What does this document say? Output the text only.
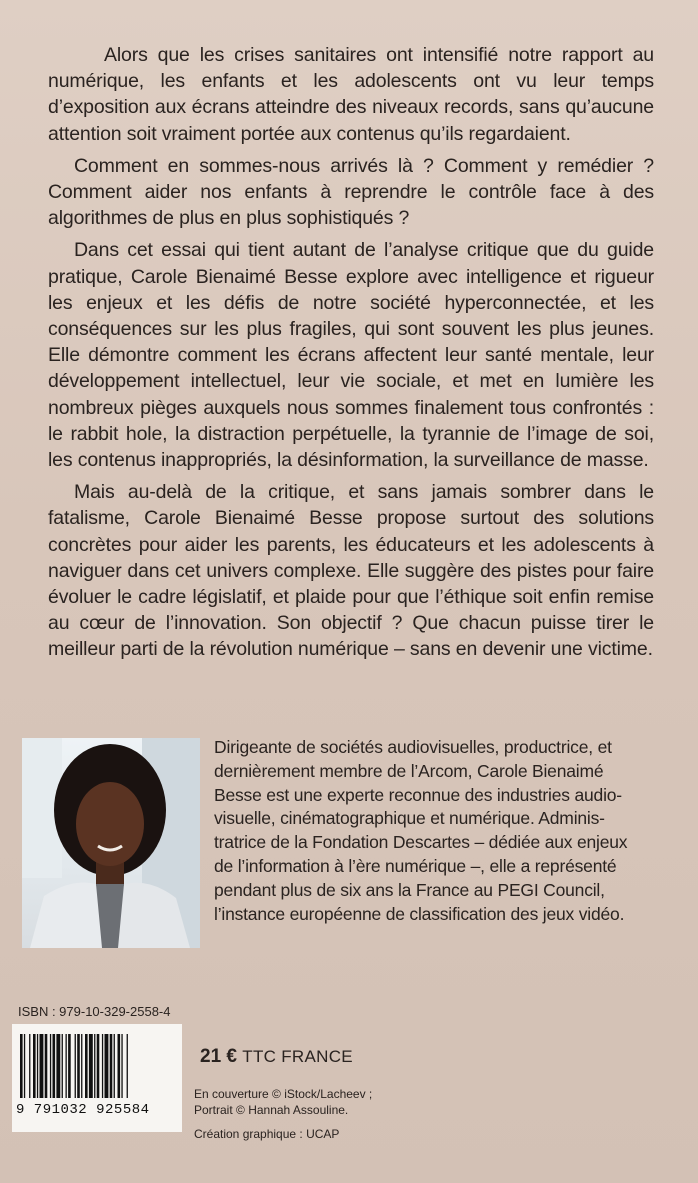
Alors que les crises sanitaires ont intensifié notre rapport au numérique, les enfants et les adolescents ont vu leur temps d’exposition aux écrans atteindre des niveaux records, sans qu’aucune attention soit vraiment portée aux contenus qu’ils regardaient.

Comment en sommes-nous arrivés là ? Comment y remédier ? Comment aider nos enfants à reprendre le contrôle face à des algorithmes de plus en plus sophistiqués ?

Dans cet essai qui tient autant de l’analyse critique que du guide pratique, Carole Bienaimé Besse explore avec intelligence et rigueur les enjeux et les défis de notre société hyperconnectée, et les conséquences sur les plus fragiles, qui sont souvent les plus jeunes. Elle démontre comment les écrans affectent leur santé mentale, leur développement intellectuel, leur vie sociale, et met en lumière les nombreux pièges auxquels nous sommes finalement tous confrontés : le rabbit hole, la distraction perpétuelle, la tyrannie de l’image de soi, les contenus inappropriés, la désinformation, la surveillance de masse.

Mais au-delà de la critique, et sans jamais sombrer dans le fatalisme, Carole Bienaimé Besse propose surtout des solutions concrètes pour aider les parents, les éducateurs et les adolescents à naviguer dans cet univers complexe. Elle suggère des pistes pour faire évoluer le cadre législatif, et plaide pour que l’éthique soit enfin remise au cœur de l’innovation. Son objectif ? Que chacun puisse tirer le meilleur parti de la révolution numérique – sans en devenir une victime.

Dirigeante de sociétés audiovisuelles, productrice, et
dernièrement membre de l’Arcom, Carole Bienaimé
Besse est une experte reconnue des industries audio-
visuelle, cinématographique et numérique. Adminis-
tratrice de la Fondation Descartes – dédiée aux enjeux
de l’information à l’ère numérique –, elle a représenté
pendant plus de six ans la France au PEGI Council,
l’instance européenne de classification des jeux vidéo.
ISBN : 979-10-329-2558-4
9 791032 925584
21 € TTC FRANCE
En couverture © iStock/Lacheev ;
Portrait © Hannah Assouline.
Création graphique : UCAP
